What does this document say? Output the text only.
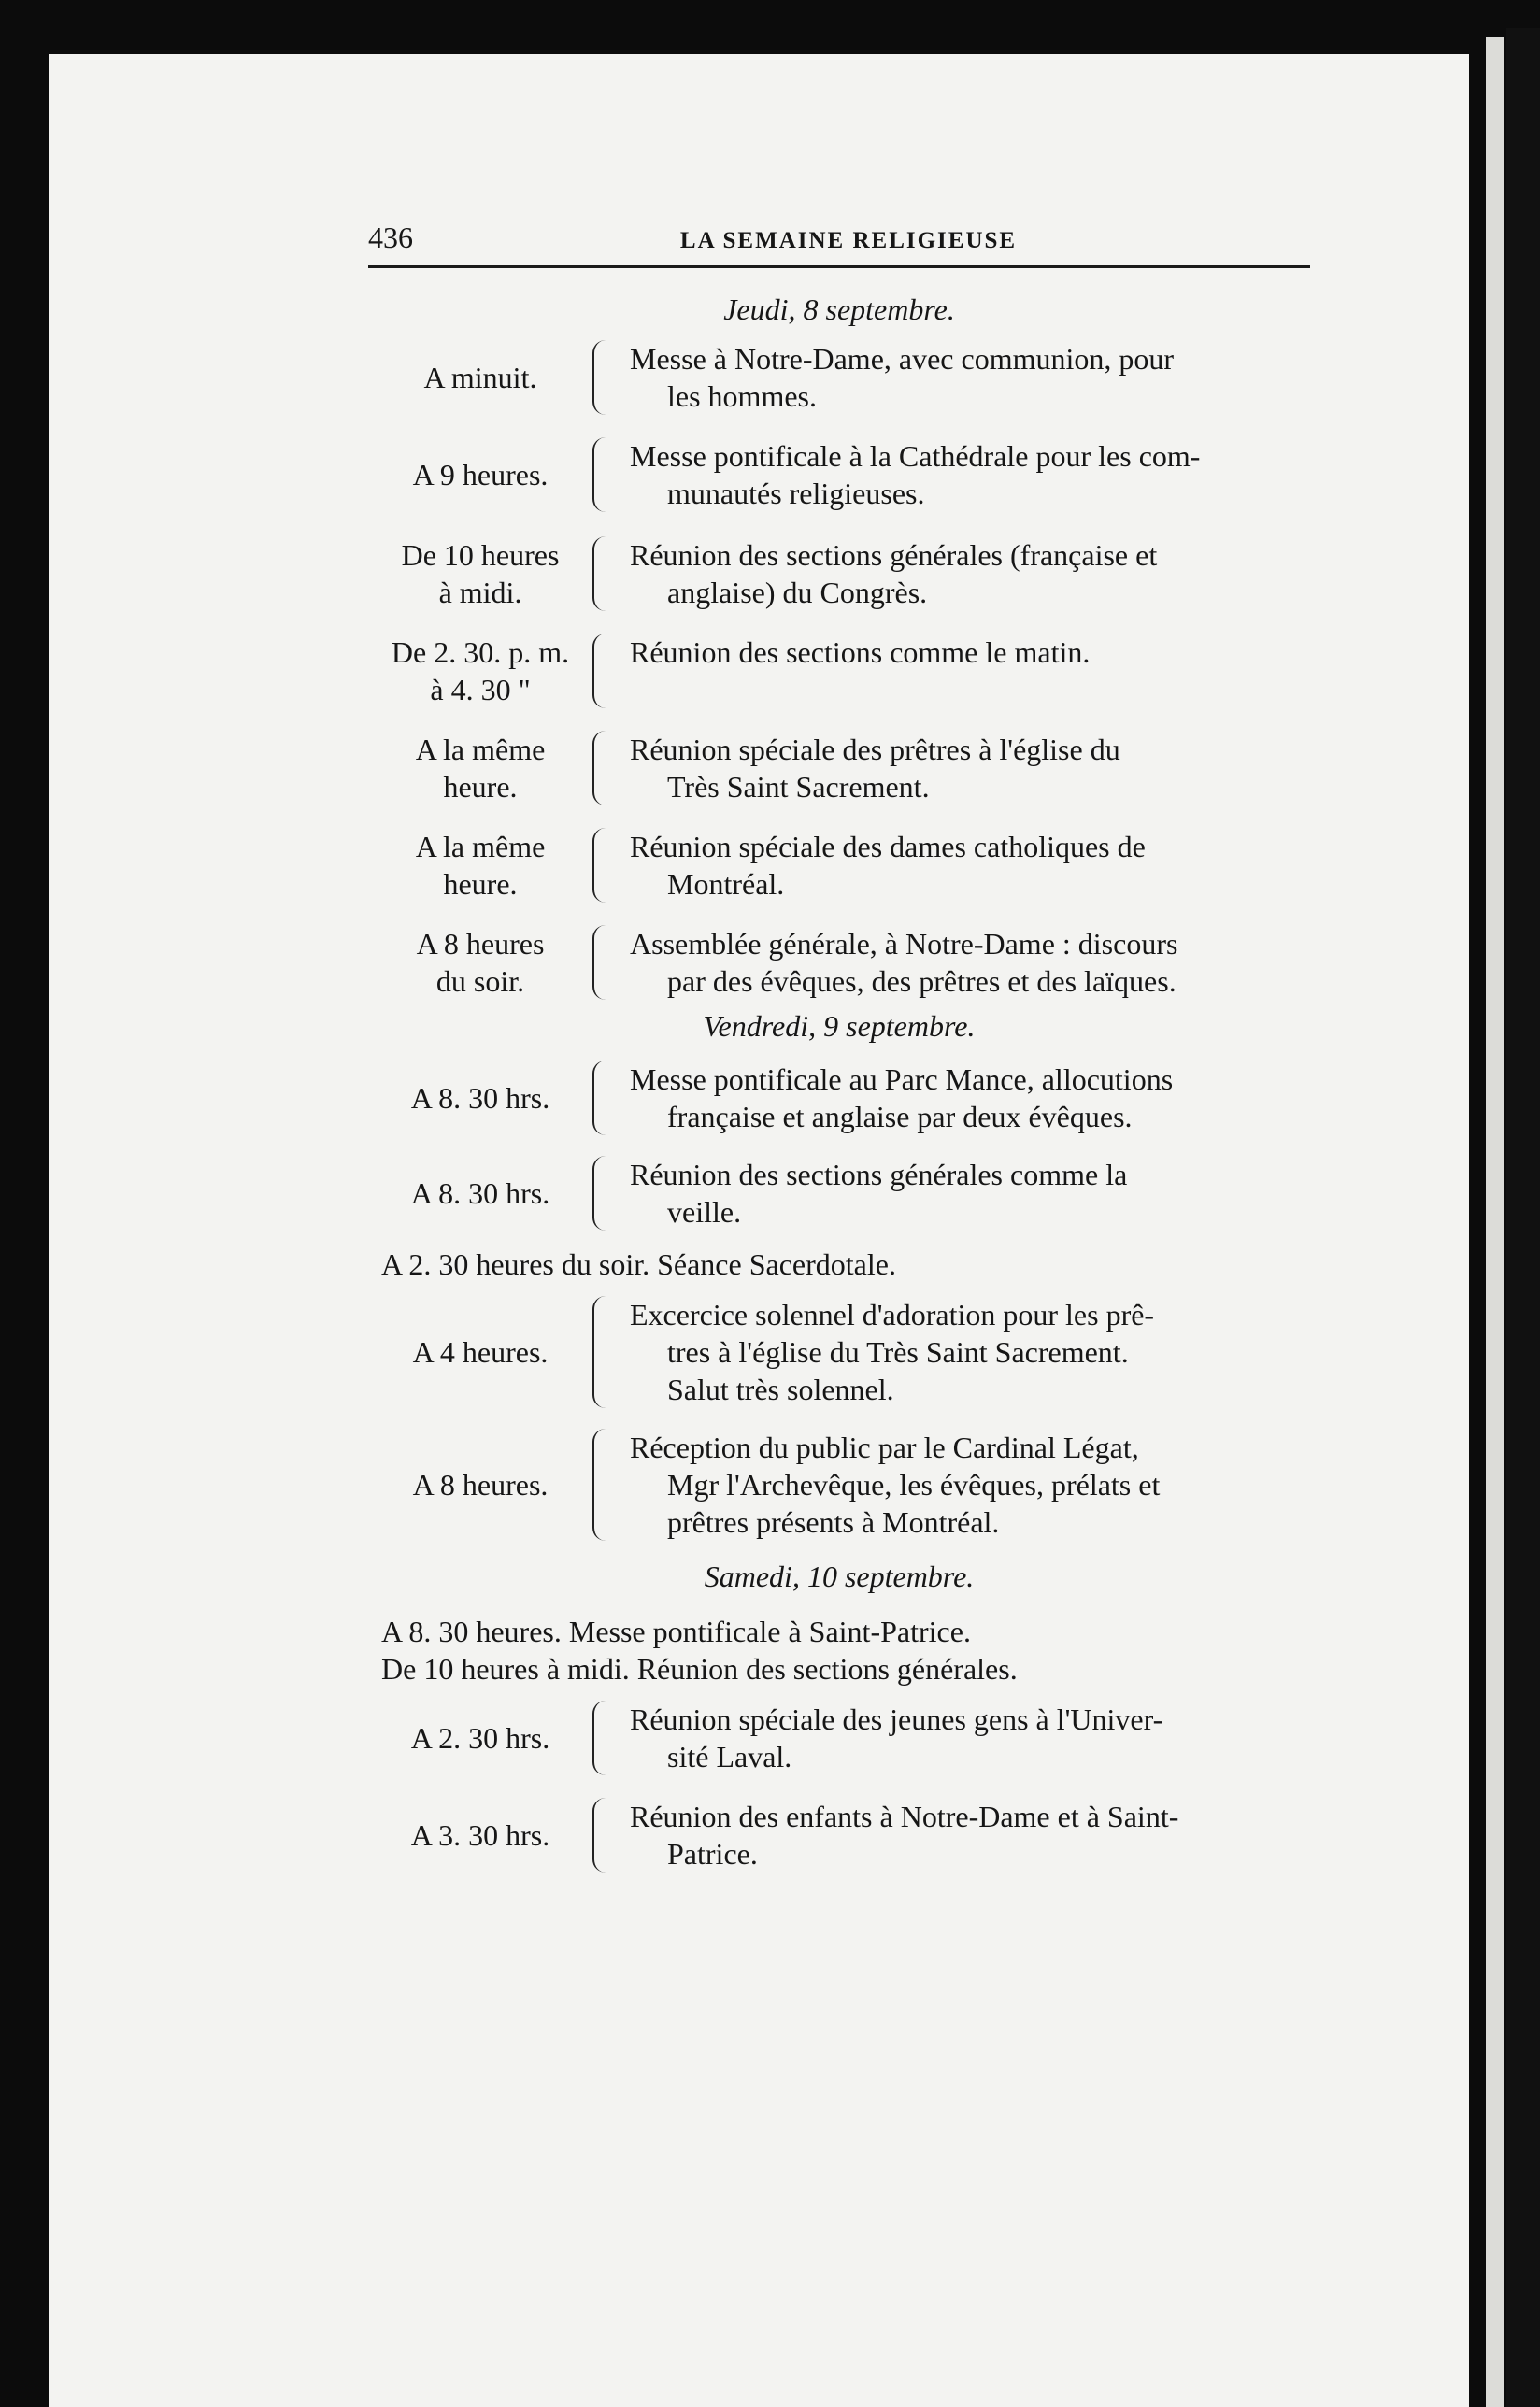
436	LA SEMAINE RELIGIEUSE
Jeudi, 8 septembre.
A minuit.
Messe à Notre-Dame, avec communion, pour
les hommes.
A 9 heures.
Messe pontificale à la Cathédrale pour les com-
munautés religieuses.
De 10 heures
à midi.
Réunion des sections générales (française et
anglaise) du Congrès.
De 2. 30. p. m.
à 4. 30 "
Réunion des sections comme le matin.
A la même
heure.
Réunion spéciale des prêtres à l'église du
Très Saint Sacrement.
A la même
heure.
Réunion spéciale des dames catholiques de
Montréal.
A 8 heures
du soir.
Assemblée générale, à Notre-Dame : discours
par des évêques, des prêtres et des laïques.
Vendredi, 9 septembre.
A 8. 30 hrs.
Messe pontificale au Parc Mance, allocutions
française et anglaise par deux évêques.
A 8. 30 hrs.
Réunion des sections générales comme la
veille.
A 2. 30 heures du soir. Séance Sacerdotale.
A 4 heures.
Excercice solennel d'adoration pour les prê-
tres à l'église du Très Saint Sacrement.
Salut très solennel.
A 8 heures.
Réception du public par le Cardinal Légat,
Mgr l'Archevêque, les évêques, prélats et
prêtres présents à Montréal.
Samedi, 10 septembre.
A 8. 30 heures. Messe pontificale à Saint-Patrice.
De 10 heures à midi. Réunion des sections générales.
A 2. 30 hrs.
Réunion spéciale des jeunes gens à l'Univer-
sité Laval.
A 3. 30 hrs.
Réunion des enfants à Notre-Dame et à Saint-
Patrice.
